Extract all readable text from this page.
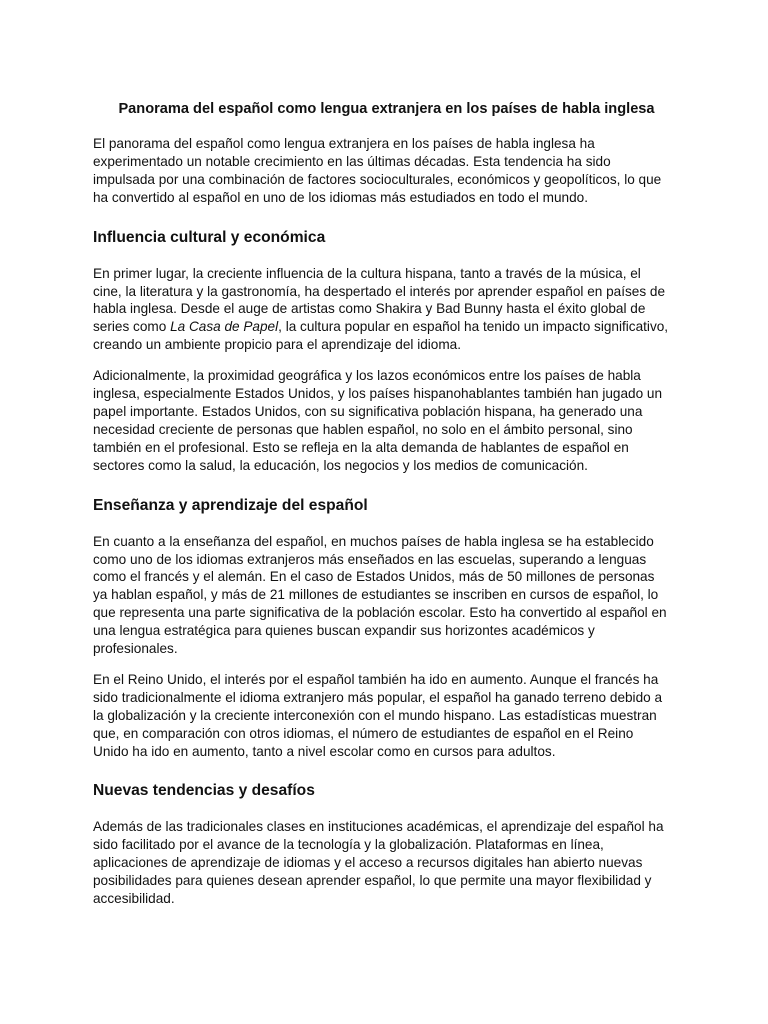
Panorama del español como lengua extranjera en los países de habla inglesa

El panorama del español como lengua extranjera en los países de habla inglesa ha experimentado un notable crecimiento en las últimas décadas. Esta tendencia ha sido impulsada por una combinación de factores socioculturales, económicos y geopolíticos, lo que ha convertido al español en uno de los idiomas más estudiados en todo el mundo.

Influencia cultural y económica

En primer lugar, la creciente influencia de la cultura hispana, tanto a través de la música, el cine, la literatura y la gastronomía, ha despertado el interés por aprender español en países de habla inglesa. Desde el auge de artistas como Shakira y Bad Bunny hasta el éxito global de series como La Casa de Papel, la cultura popular en español ha tenido un impacto significativo, creando un ambiente propicio para el aprendizaje del idioma.

Adicionalmente, la proximidad geográfica y los lazos económicos entre los países de habla inglesa, especialmente Estados Unidos, y los países hispanohablantes también han jugado un papel importante. Estados Unidos, con su significativa población hispana, ha generado una necesidad creciente de personas que hablen español, no solo en el ámbito personal, sino también en el profesional. Esto se refleja en la alta demanda de hablantes de español en sectores como la salud, la educación, los negocios y los medios de comunicación.

Enseñanza y aprendizaje del español

En cuanto a la enseñanza del español, en muchos países de habla inglesa se ha establecido como uno de los idiomas extranjeros más enseñados en las escuelas, superando a lenguas como el francés y el alemán. En el caso de Estados Unidos, más de 50 millones de personas ya hablan español, y más de 21 millones de estudiantes se inscriben en cursos de español, lo que representa una parte significativa de la población escolar. Esto ha convertido al español en una lengua estratégica para quienes buscan expandir sus horizontes académicos y profesionales.

En el Reino Unido, el interés por el español también ha ido en aumento. Aunque el francés ha sido tradicionalmente el idioma extranjero más popular, el español ha ganado terreno debido a la globalización y la creciente interconexión con el mundo hispano. Las estadísticas muestran que, en comparación con otros idiomas, el número de estudiantes de español en el Reino Unido ha ido en aumento, tanto a nivel escolar como en cursos para adultos.

Nuevas tendencias y desafíos

Además de las tradicionales clases en instituciones académicas, el aprendizaje del español ha sido facilitado por el avance de la tecnología y la globalización. Plataformas en línea, aplicaciones de aprendizaje de idiomas y el acceso a recursos digitales han abierto nuevas posibilidades para quienes desean aprender español, lo que permite una mayor flexibilidad y accesibilidad.
